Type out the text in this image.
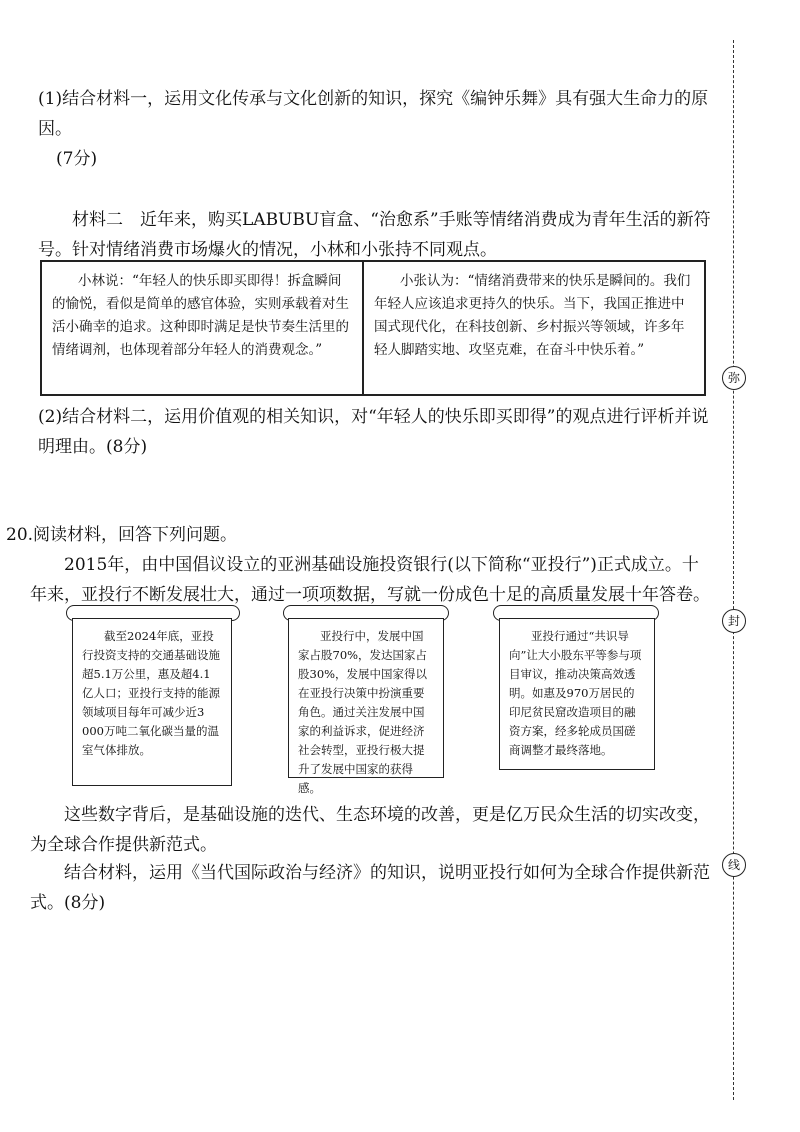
弥
封
线
(1)结合材料一，运用文化传承与文化创新的知识，探究《编钟乐舞》具有强大生命力的原因。
(7分)
材料二　近年来，购买LABUBU盲盒、“治愈系”手账等情绪消费成为青年生活的新符号。针对情绪消费市场爆火的情况，小林和小张持不同观点。
小林说：“年轻人的快乐即买即得！拆盒瞬间的愉悦，看似是简单的感官体验，实则承载着对生活小确幸的追求。这种即时满足是快节奏生活里的情绪调剂，也体现着部分年轻人的消费观念。”
小张认为：“情绪消费带来的快乐是瞬间的。我们年轻人应该追求更持久的快乐。当下，我国正推进中国式现代化，在科技创新、乡村振兴等领域，许多年轻人脚踏实地、攻坚克难，在奋斗中快乐着。”
(2)结合材料二，运用价值观的相关知识，对“年轻人的快乐即买即得”的观点进行评析并说明理由。(8分)
20.阅读材料，回答下列问题。
2015年，由中国倡议设立的亚洲基础设施投资银行(以下简称“亚投行”)正式成立。十年来，亚投行不断发展壮大，通过一项项数据，写就一份成色十足的高质量发展十年答卷。
截至2024年底，亚投行投资支持的交通基础设施超5.1万公里，惠及超4.1亿人口；亚投行支持的能源领域项目每年可减少近3 000万吨二氧化碳当量的温室气体排放。
亚投行中，发展中国家占股70%，发达国家占股30%，发展中国家得以在亚投行决策中扮演重要角色。通过关注发展中国家的利益诉求，促进经济社会转型，亚投行极大提升了发展中国家的获得感。
亚投行通过“共识导向”让大小股东平等参与项目审议，推动决策高效透明。如惠及970万居民的印尼贫民窟改造项目的融资方案，经多轮成员国磋商调整才最终落地。
这些数字背后，是基础设施的迭代、生态环境的改善，更是亿万民众生活的切实改变，为全球合作提供新范式。
结合材料，运用《当代国际政治与经济》的知识，说明亚投行如何为全球合作提供新范式。(8分)
